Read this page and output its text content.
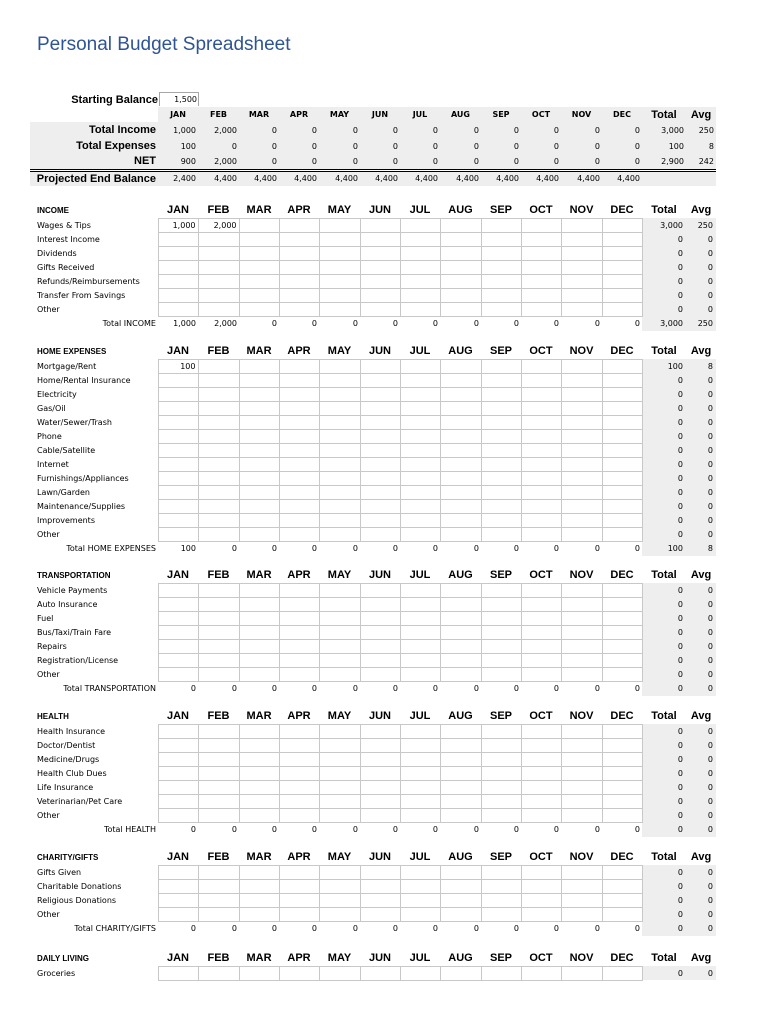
Personal Budget Spreadsheet
Starting Balance	1,500
	JAN	FEB	MAR	APR	MAY	JUN	JUL	AUG	SEP	OCT	NOV	DEC	Total	Avg
Total Income	1,000	2,000	0	0	0	0	0	0	0	0	0	0	3,000	250
Total Expenses	100	0	0	0	0	0	0	0	0	0	0	0	100	8
NET	900	2,000	0	0	0	0	0	0	0	0	0	0	2,900	242
Projected End Balance	2,400	4,400	4,400	4,400	4,400	4,400	4,400	4,400	4,400	4,400	4,400	4,400		
INCOME	JAN	FEB	MAR	APR	MAY	JUN	JUL	AUG	SEP	OCT	NOV	DEC	Total	Avg
Wages & Tips	1,000	2,000											3,000	250
Interest Income													0	0
Dividends													0	0
Gifts Received													0	0
Refunds/Reimbursements													0	0
Transfer From Savings													0	0
Other													0	0
Total INCOME	1,000	2,000	0	0	0	0	0	0	0	0	0	0	3,000	250
HOME EXPENSES	JAN	FEB	MAR	APR	MAY	JUN	JUL	AUG	SEP	OCT	NOV	DEC	Total	Avg
Mortgage/Rent	100												100	8
Home/Rental Insurance													0	0
Electricity													0	0
Gas/Oil													0	0
Water/Sewer/Trash													0	0
Phone													0	0
Cable/Satellite													0	0
Internet													0	0
Furnishings/Appliances													0	0
Lawn/Garden													0	0
Maintenance/Supplies													0	0
Improvements													0	0
Other													0	0
Total HOME EXPENSES	100	0	0	0	0	0	0	0	0	0	0	0	100	8
TRANSPORTATION	JAN	FEB	MAR	APR	MAY	JUN	JUL	AUG	SEP	OCT	NOV	DEC	Total	Avg
Vehicle Payments													0	0
Auto Insurance													0	0
Fuel													0	0
Bus/Taxi/Train Fare													0	0
Repairs													0	0
Registration/License													0	0
Other													0	0
Total TRANSPORTATION	0	0	0	0	0	0	0	0	0	0	0	0	0	0
HEALTH	JAN	FEB	MAR	APR	MAY	JUN	JUL	AUG	SEP	OCT	NOV	DEC	Total	Avg
Health Insurance													0	0
Doctor/Dentist													0	0
Medicine/Drugs													0	0
Health Club Dues													0	0
Life Insurance													0	0
Veterinarian/Pet Care													0	0
Other													0	0
Total HEALTH	0	0	0	0	0	0	0	0	0	0	0	0	0	0
CHARITY/GIFTS	JAN	FEB	MAR	APR	MAY	JUN	JUL	AUG	SEP	OCT	NOV	DEC	Total	Avg
Gifts Given													0	0
Charitable Donations													0	0
Religious Donations													0	0
Other													0	0
Total CHARITY/GIFTS	0	0	0	0	0	0	0	0	0	0	0	0	0	0
DAILY LIVING	JAN	FEB	MAR	APR	MAY	JUN	JUL	AUG	SEP	OCT	NOV	DEC	Total	Avg
Groceries													0	0
